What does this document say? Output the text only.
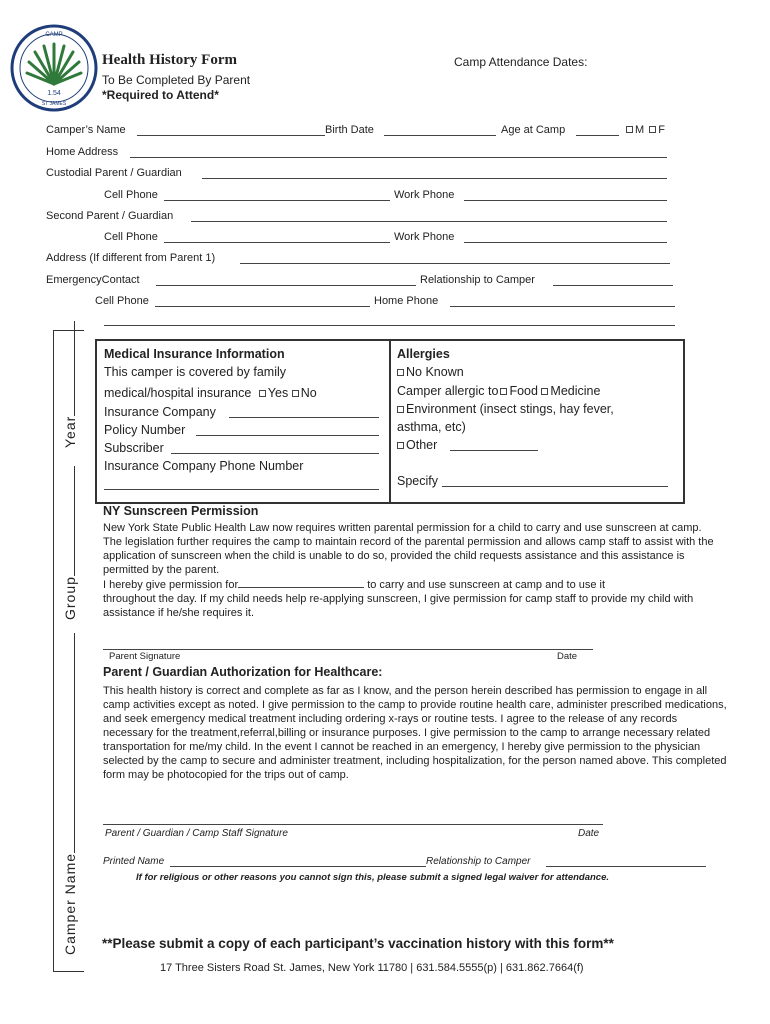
CAMP
1.54
ST JAMES
Health History Form
To Be Completed By Parent
*Required to Attend*
Camp Attendance Dates:
Camper’s Name	Birth Date	Age at Camp	M F
Home Address
Custodial Parent / Guardian
Cell Phone	Work Phone
Second Parent / Guardian
Cell Phone	Work Phone
Address (If different from Parent 1)
EmergencyContact	Relationship to Camper
Cell Phone	Home Phone
Year
Group
Camper Name
Medical Insurance Information
This camper is covered by family
medical/hospital insurance Yes No
Insurance Company
Policy Number
Subscriber
Insurance Company Phone Number
Allergies
No Known
Camper allergic to Food Medicine
Environment (insect stings, hay fever,
asthma, etc)
Other
Specify
NY Sunscreen Permission
New York State Public Health Law now requires written parental permission for a child to carry and use sunscreen at camp. The legislation further requires the camp to maintain record of the parental permission and allows camp staff to assist with the application of sunscreen when the child is unable to do so, provided the child requests assistance and this assistance is permitted by the parent.
I hereby give permission for	to carry and use sunscreen at camp and to use it
throughout the day. If my child needs help re-applying sunscreen, I give permission for camp staff to provide my child with assistance if he/she requires it.
Parent Signature	Date
Parent / Guardian Authorization for Healthcare:
This health history is correct and complete as far as I know, and the person herein described has permission to engage in all camp activities except as noted. I give permission to the camp to provide routine health care, administer prescribed medications, and seek emergency medical treatment including ordering x-rays or routine tests. I agree to the release of any records necessary for the treatment,referral,billing or insurance purposes. I give permission to the camp to arrange necessary related transportation for me/my child. In the event I cannot be reached in an emergency, I hereby give permission to the physician selected by the camp to secure and administer treatment, including hospitalization, for the person named above. This completed form may be photocopied for the trips out of camp.
Parent / Guardian / Camp Staff Signature	Date
Printed Name	Relationship to Camper
If for religious or other reasons you cannot sign this, please submit a signed legal waiver for attendance.
**Please submit a copy of each participant’s vaccination history with this form**
17 Three Sisters Road St. James, New York 11780 | 631.584.5555(p) | 631.862.7664(f)
